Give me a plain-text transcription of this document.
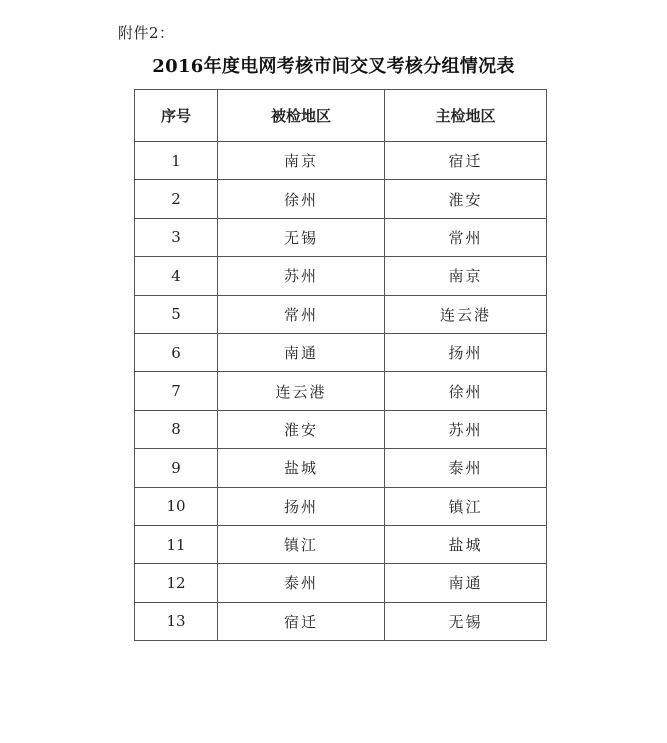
附件2：
2016年度电网考核市间交叉考核分组情况表
序号	被检地区	主检地区
1	南京	宿迁
2	徐州	淮安
3	无锡	常州
4	苏州	南京
5	常州	连云港
6	南通	扬州
7	连云港	徐州
8	淮安	苏州
9	盐城	泰州
10	扬州	镇江
11	镇江	盐城
12	泰州	南通
13	宿迁	无锡
